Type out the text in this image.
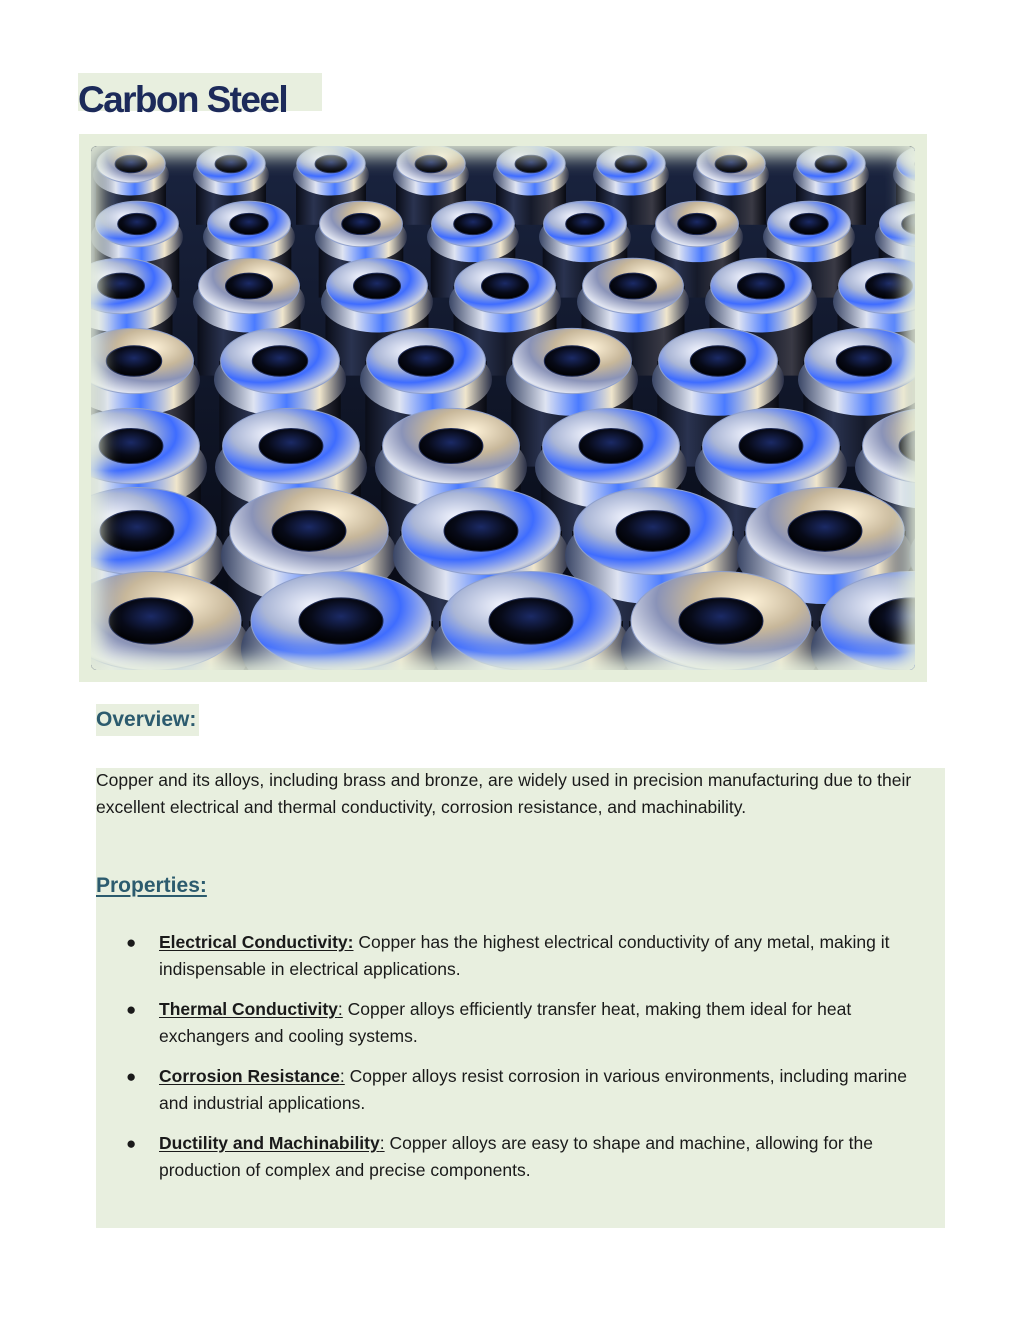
Carbon Steel
Overview:

Copper and its alloys, including brass and bronze, are widely used in precision manufacturing due to their excellent electrical and thermal conductivity, corrosion resistance, and machinability.

Properties:
● Electrical Conductivity: Copper has the highest electrical conductivity of any metal, making it indispensable in electrical applications.
● Thermal Conductivity: Copper alloys efficiently transfer heat, making them ideal for heat exchangers and cooling systems.
● Corrosion Resistance: Copper alloys resist corrosion in various environments, including marine and industrial applications.
● Ductility and Machinability: Copper alloys are easy to shape and machine, allowing for the production of complex and precise components.
